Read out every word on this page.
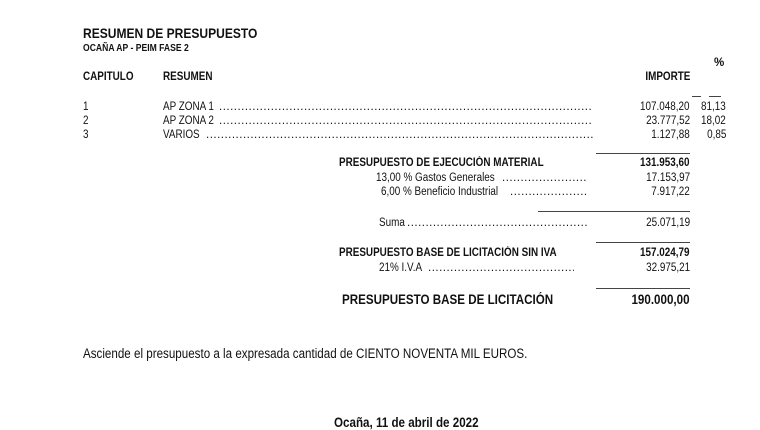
RESUMEN DE PRESUPUESTO
OCAÑA AP - PEIM FASE 2
CAPITULO	RESUMEN	IMPORTE
%
1	AP ZONA 1 .....	107.048,20 81,13
2	AP ZONA 2 .....	23.777,52 18,02
3	VARIOS .....	1.127,88 0,85
PRESUPUESTO DE EJECUCIÓN MATERIAL	131.953,60
13,00 % Gastos Generales .....	17.153,97
6,00 % Beneficio Industrial .....	7.917,22
Suma .....	25.071,19
PRESUPUESTO BASE DE LICITACIÓN SIN IVA	157.024,79
21% I.V.A .....	32.975,21
PRESUPUESTO BASE DE LICITACIÓN	190.000,00
Asciende el presupuesto a la expresada cantidad de CIENTO NOVENTA MIL EUROS.
Ocaña, 11 de abril de 2022
